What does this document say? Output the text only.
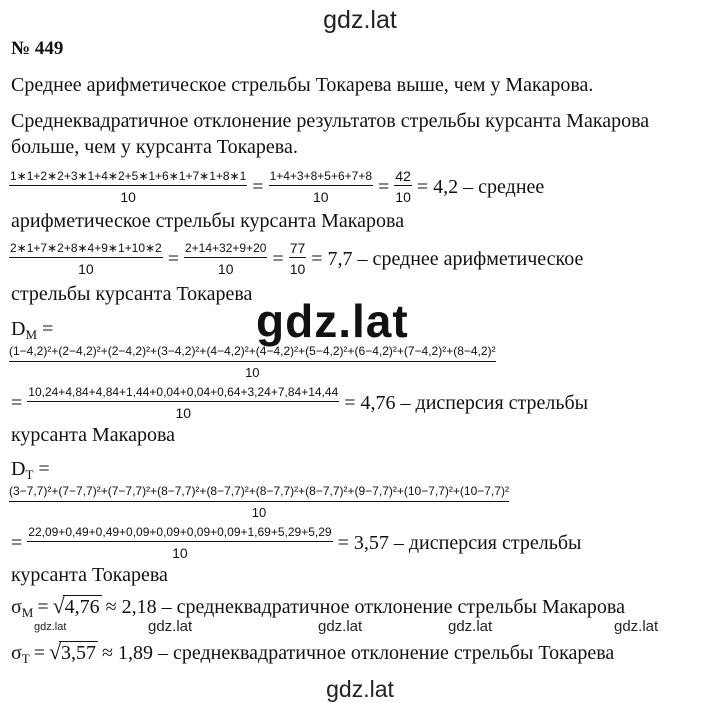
gdz.lat
gdz.lat
gdz.lat	gdz.lat	gdz.lat	gdz.lat	gdz.lat
gdz.lat
№ 449
Среднее арифметическое стрельбы Токарева выше, чем у Макарова.
Среднеквадратичное отклонение результатов стрельбы курсанта Макарова
больше, чем у курсанта Токарева.
$\frac{1∗1+2∗2+3∗1+4∗2+5∗1+6∗1+7∗1+8∗1}{10} = \frac{1+4+3+8+5+6+7+8}{10} = \frac{42}{10} = 4,2$ – среднее
арифметическое стрельбы курсанта Макарова
$\frac{2∗1+7∗2+8∗4+9∗1+10∗2}{10} = \frac{2+14+32+9+20}{10} = \frac{77}{10} = 7,7$ – среднее арифметическое
стрельбы курсанта Токарева
$D_M$ =
(1−4,2)²+(2−4,2)²+(2−4,2)²+(3−4,2)²+(4−4,2)²+(4−4,2)²+(5−4,2)²+(6−4,2)²+(7−4,2)²+(8−4,2)²
10
= $\frac{10,24+4,84+4,84+1,44+0,04+0,04+0,64+3,24+7,84+14,44}{10} = 4,76$ – дисперсия стрельбы
курсанта Макарова
$D_T$ =
(3−7,7)²+(7−7,7)²+(7−7,7)²+(8−7,7)²+(8−7,7)²+(8−7,7)²+(8−7,7)²+(9−7,7)²+(10−7,7)²+(10−7,7)²
10
= $\frac{22,09+0,49+0,49+0,09+0,09+0,09+0,09+1,69+5,29+5,29}{10} = 3,57$ – дисперсия стрельбы
курсанта Токарева
$\sigma_M$ = √ 4,76 ≈ 2,18 – среднеквадратичное отклонение стрельбы Макарова
$\sigma_T$ = √ 3,57 ≈ 1,89 – среднеквадратичное отклонение стрельбы Токарева
